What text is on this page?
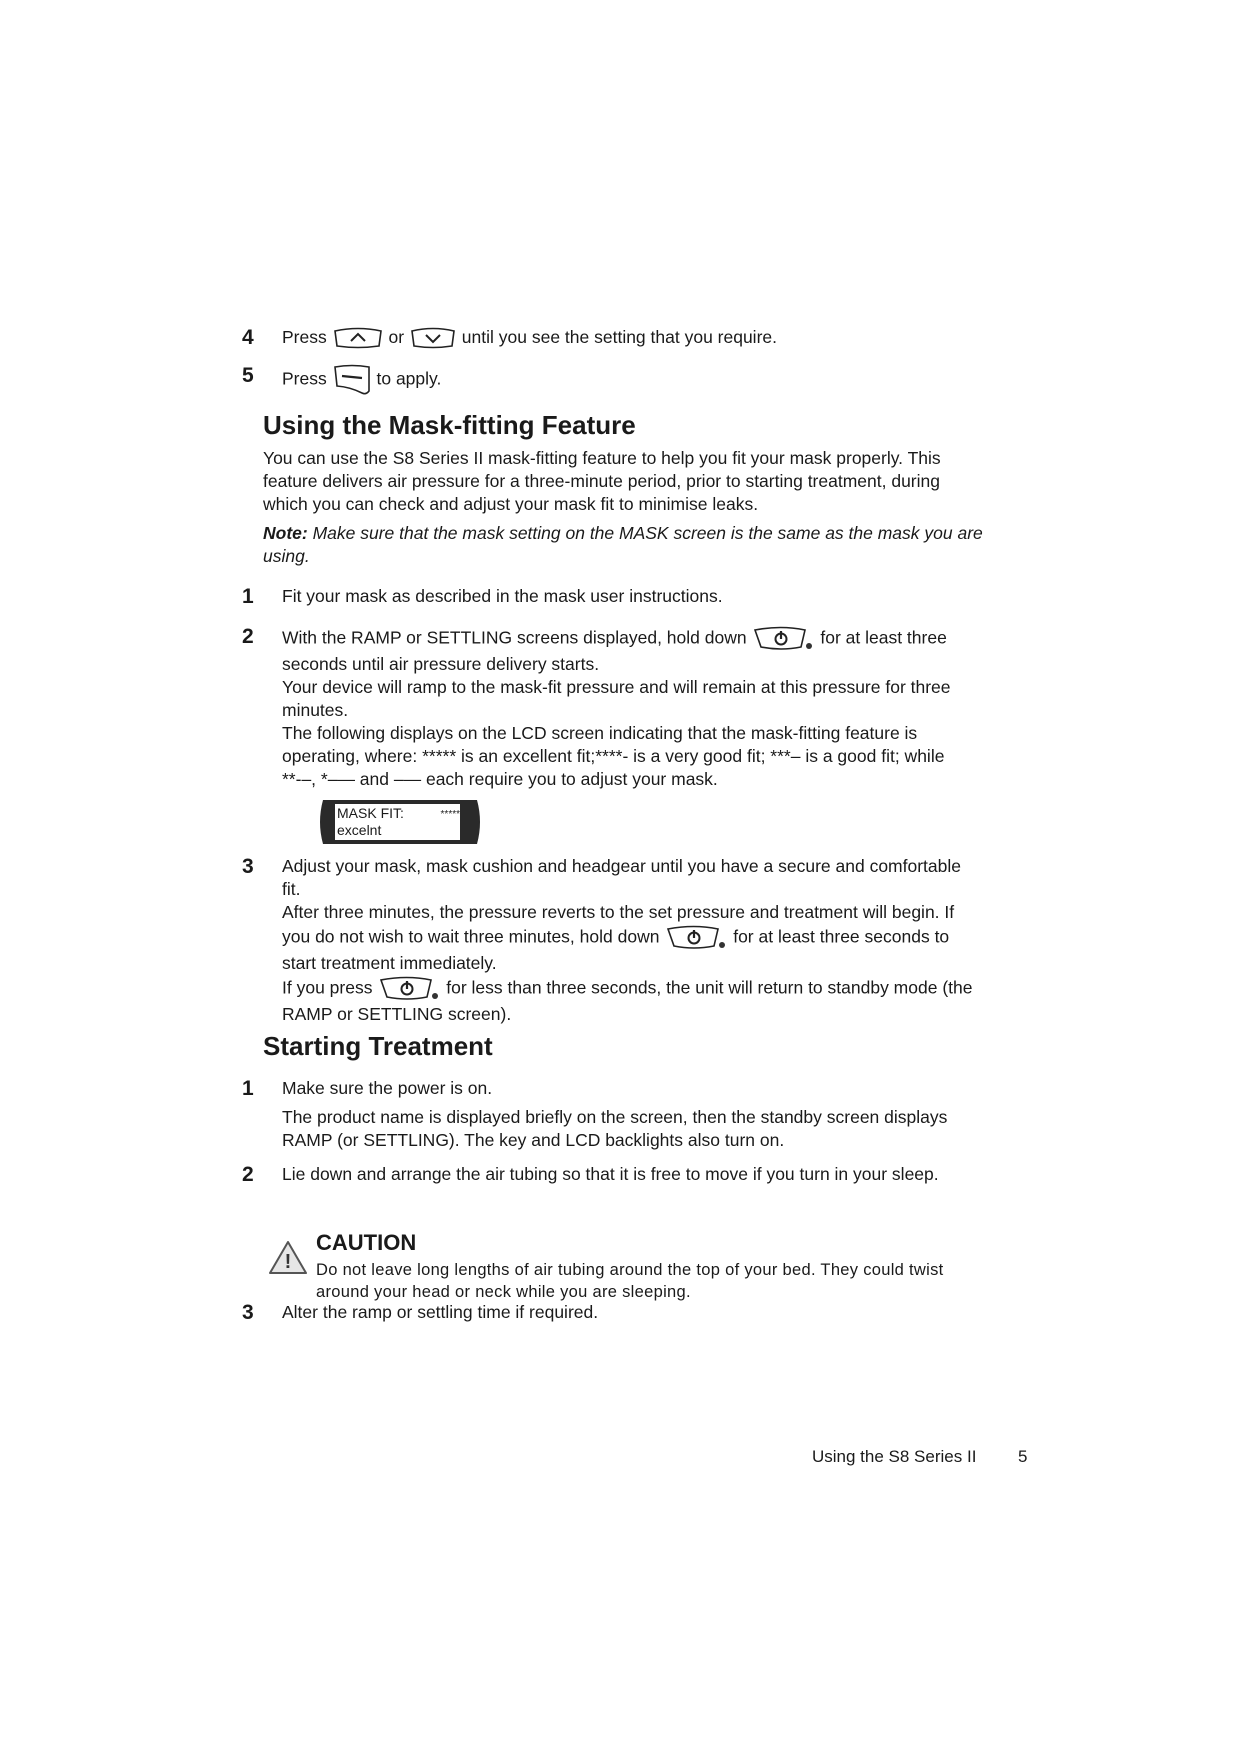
4 Press	or	until you see the setting that you require.
5 Press	to apply.
Using the Mask-fitting Feature

You can use the S8 Series II mask-fitting feature to help you fit your mask properly. This feature delivers air pressure for a three-minute period, prior to starting treatment, during which you can check and adjust your mask fit to minimise leaks.

Note: Make sure that the mask setting on the MASK screen is the same as the mask you are using.

1 Fit your mask as described in the mask user instructions.

2 With the RAMP or SETTLING screens displayed, hold down	for at least three seconds until air pressure delivery starts.

Your device will ramp to the mask-fit pressure and will remain at this pressure for three minutes.

The following displays on the LCD screen indicating that the mask-fitting feature is operating, where: ***** is an excellent fit;****- is a very good fit; ***– is a good fit; while **-–, *–— and –— each require you to adjust your mask.

MASK FIT:	*****
excelnt
3 Adjust your mask, mask cushion and headgear until you have a secure and comfortable fit.

After three minutes, the pressure reverts to the set pressure and treatment will begin. If you do not wish to wait three minutes, hold down	for at least three seconds to start treatment immediately.

If you press	for less than three seconds, the unit will return to standby mode (the RAMP or SETTLING screen).

Starting Treatment
1 Make sure the power is on.

The product name is displayed briefly on the screen, then the standby screen displays RAMP (or SETTLING). The key and LCD backlights also turn on.

2 Lie down and arrange the air tubing so that it is free to move if you turn in your sleep.

!
CAUTION
Do not leave long lengths of air tubing around the top of your bed. They could twist around your head or neck while you are sleeping.
3 Alter the ramp or settling time if required.

Using the S8 Series II 5
